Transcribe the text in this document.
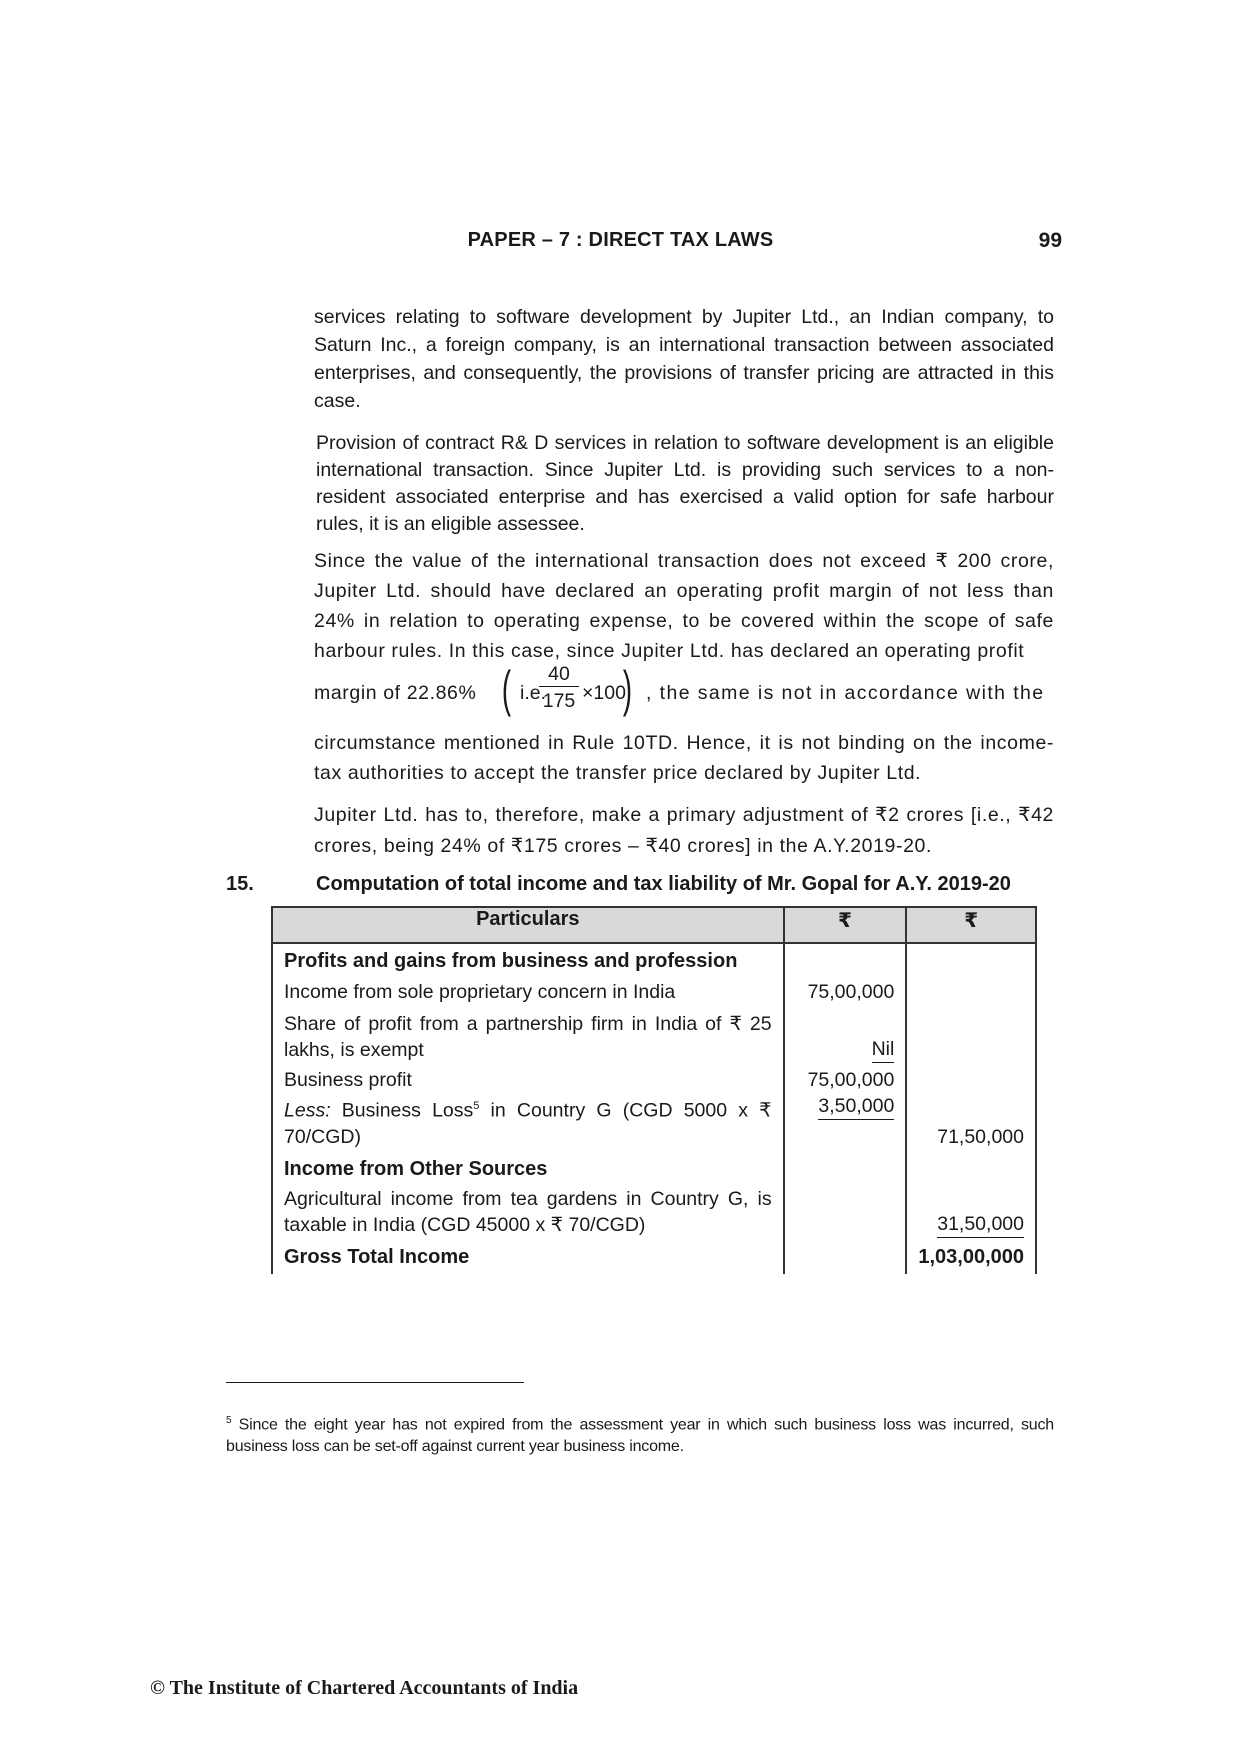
PAPER – 7 : DIRECT TAX LAWS	99
services relating to software development by Jupiter Ltd., an Indian company, to Saturn Inc., a foreign company, is an international transaction between associated enterprises, and consequently, the provisions of transfer pricing are attracted in this case.
Provision of contract R& D services in relation to software development is an eligible international transaction. Since Jupiter Ltd. is providing such services to a non-resident associated enterprise and has exercised a valid option for safe harbour rules, it is an eligible assessee.
Since the value of the international transaction does not exceed ₹ 200 crore, Jupiter Ltd. should have declared an operating profit margin of not less than 24% in relation to operating expense, to be covered within the scope of safe harbour rules. In this case, since Jupiter Ltd. has declared an operating profit
margin of 22.86% ( i.e.
$\frac{40}{175} \times 100$
) , the same is not in accordance with the
circumstance mentioned in Rule 10TD. Hence, it is not binding on the income-tax authorities to accept the transfer price declared by Jupiter Ltd.
Jupiter Ltd. has to, therefore, make a primary adjustment of ₹2 crores [i.e., ₹42 crores, being 24% of ₹175 crores – ₹40 crores] in the A.Y.2019-20.
15.	Computation of total income and tax liability of Mr. Gopal for A.Y. 2019-20
Particulars	₹	₹
Profits and gains from business and profession		
Income from sole proprietary concern in India	75,00,000	
Share of profit from a partnership firm in India of ₹ 25 lakhs, is exempt	Nil	
Business profit	75,00,000	
Less: Business Loss$^5$ in Country G (CGD 5000 x ₹ 70/CGD)	3,50,000	71,50,000
Income from Other Sources		
Agricultural income from tea gardens in Country G, is taxable in India (CGD 45000 x ₹ 70/CGD)		31,50,000
Gross Total Income		1,03,00,000
$^5$ Since the eight year has not expired from the assessment year in which such business loss was incurred, such business loss can be set-off against current year business income.
© The Institute of Chartered Accountants of India
